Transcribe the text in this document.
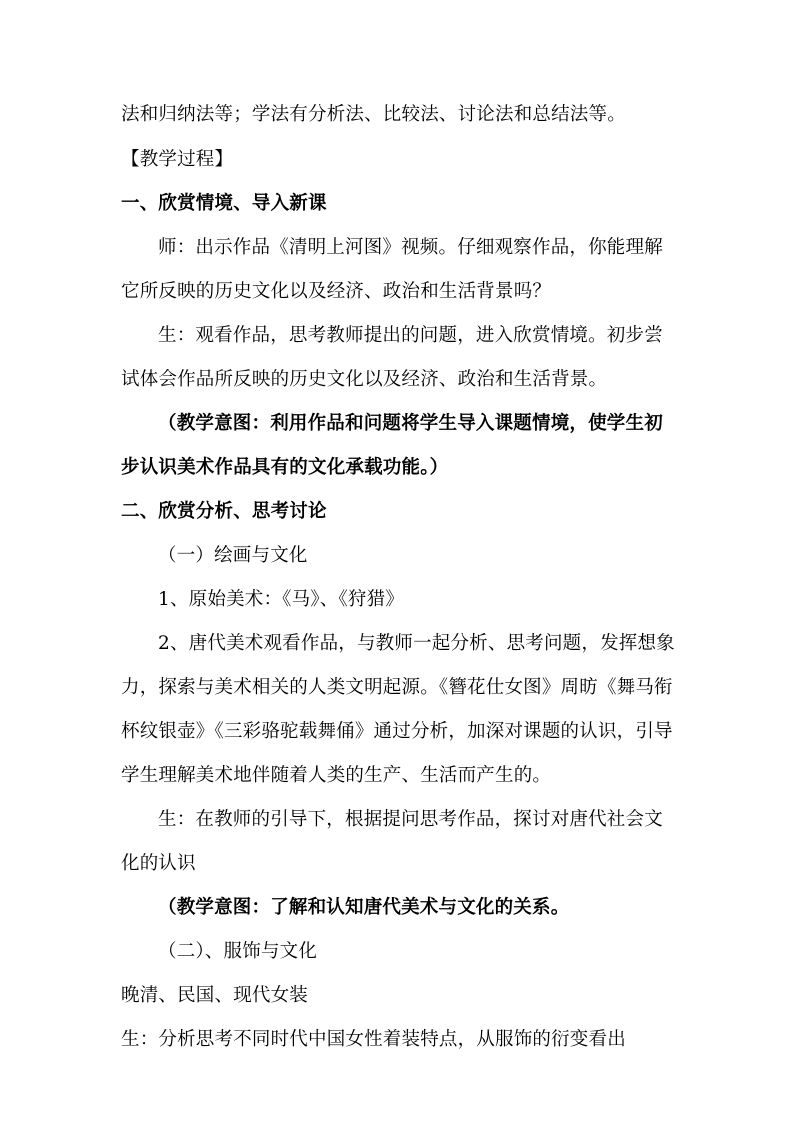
法和归纳法等；学法有分析法、比较法、讨论法和总结法等。
【教学过程】
一、欣赏情境、导入新课
师：出示作品《清明上河图》视频。仔细观察作品，你能理解
它所反映的历史文化以及经济、政治和生活背景吗？
生：观看作品，思考教师提出的问题，进入欣赏情境。初步尝
试体会作品所反映的历史文化以及经济、政治和生活背景。
（教学意图：利用作品和问题将学生导入课题情境，使学生初
步认识美术作品具有的文化承载功能。）
二、欣赏分析、思考讨论
（一）绘画与文化
1、原始美术：《马》、《狩猎》
2、唐代美术观看作品，与教师一起分析、思考问题，发挥想象
力，探索与美术相关的人类文明起源。《簪花仕女图》周昉《舞马衔
杯纹银壶》《三彩骆驼载舞俑》通过分析，加深对课题的认识，引导
学生理解美术地伴随着人类的生产、生活而产生的。
生：在教师的引导下，根据提问思考作品，探讨对唐代社会文
化的认识
（教学意图：了解和认知唐代美术与文化的关系。
（二）、服饰与文化
晚清、民国、现代女装
生：分析思考不同时代中国女性着装特点，从服饰的衍变看出
